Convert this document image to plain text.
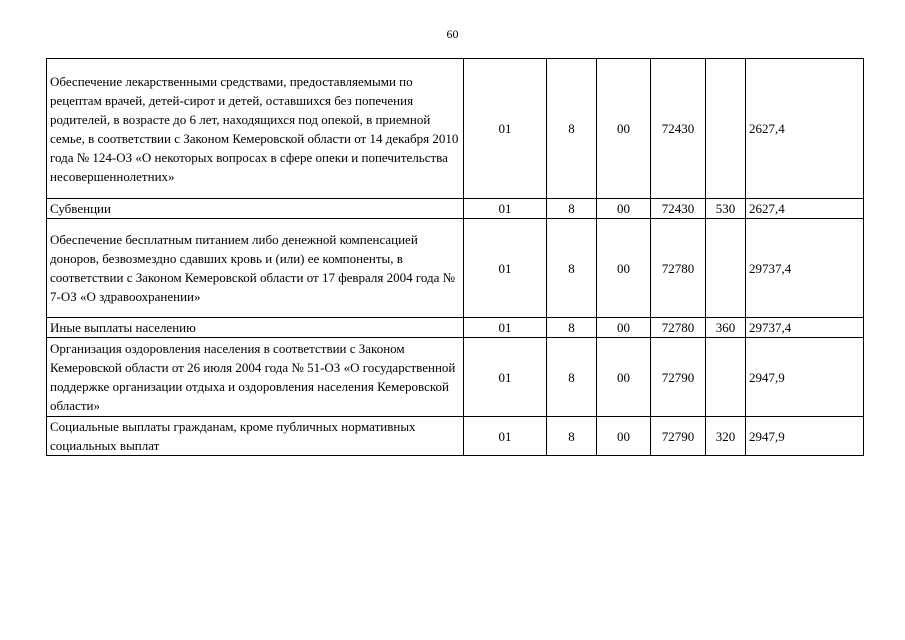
60
Обеспечение лекарственными средствами, предоставляемыми по рецептам врачей, детей-сирот и детей, оставшихся без попечения родителей, в возрасте до 6 лет, находящихся под опекой, в приемной семье, в соответствии с Законом Кемеровской области от 14 декабря 2010 года № 124-ОЗ «О некоторых вопросах в сфере опеки и попечительства несовершеннолетних»	01	8	00	72430		2627,4
Субвенции	01	8	00	72430	530	2627,4
Обеспечение бесплатным питанием либо денежной компенсацией доноров, безвозмездно сдавших кровь и (или) ее компоненты, в соответствии с Законом Кемеровской области от 17 февраля 2004 года № 7-ОЗ «О здравоохранении»	01	8	00	72780		29737,4
Иные выплаты населению	01	8	00	72780	360	29737,4
Организация оздоровления населения в соответствии с Законом Кемеровской области от 26 июля 2004 года № 51-ОЗ «О государственной поддержке организации отдыха и оздоровления населения Кемеровской области»	01	8	00	72790		2947,9
Социальные выплаты гражданам, кроме публичных нормативных социальных выплат	01	8	00	72790	320	2947,9
